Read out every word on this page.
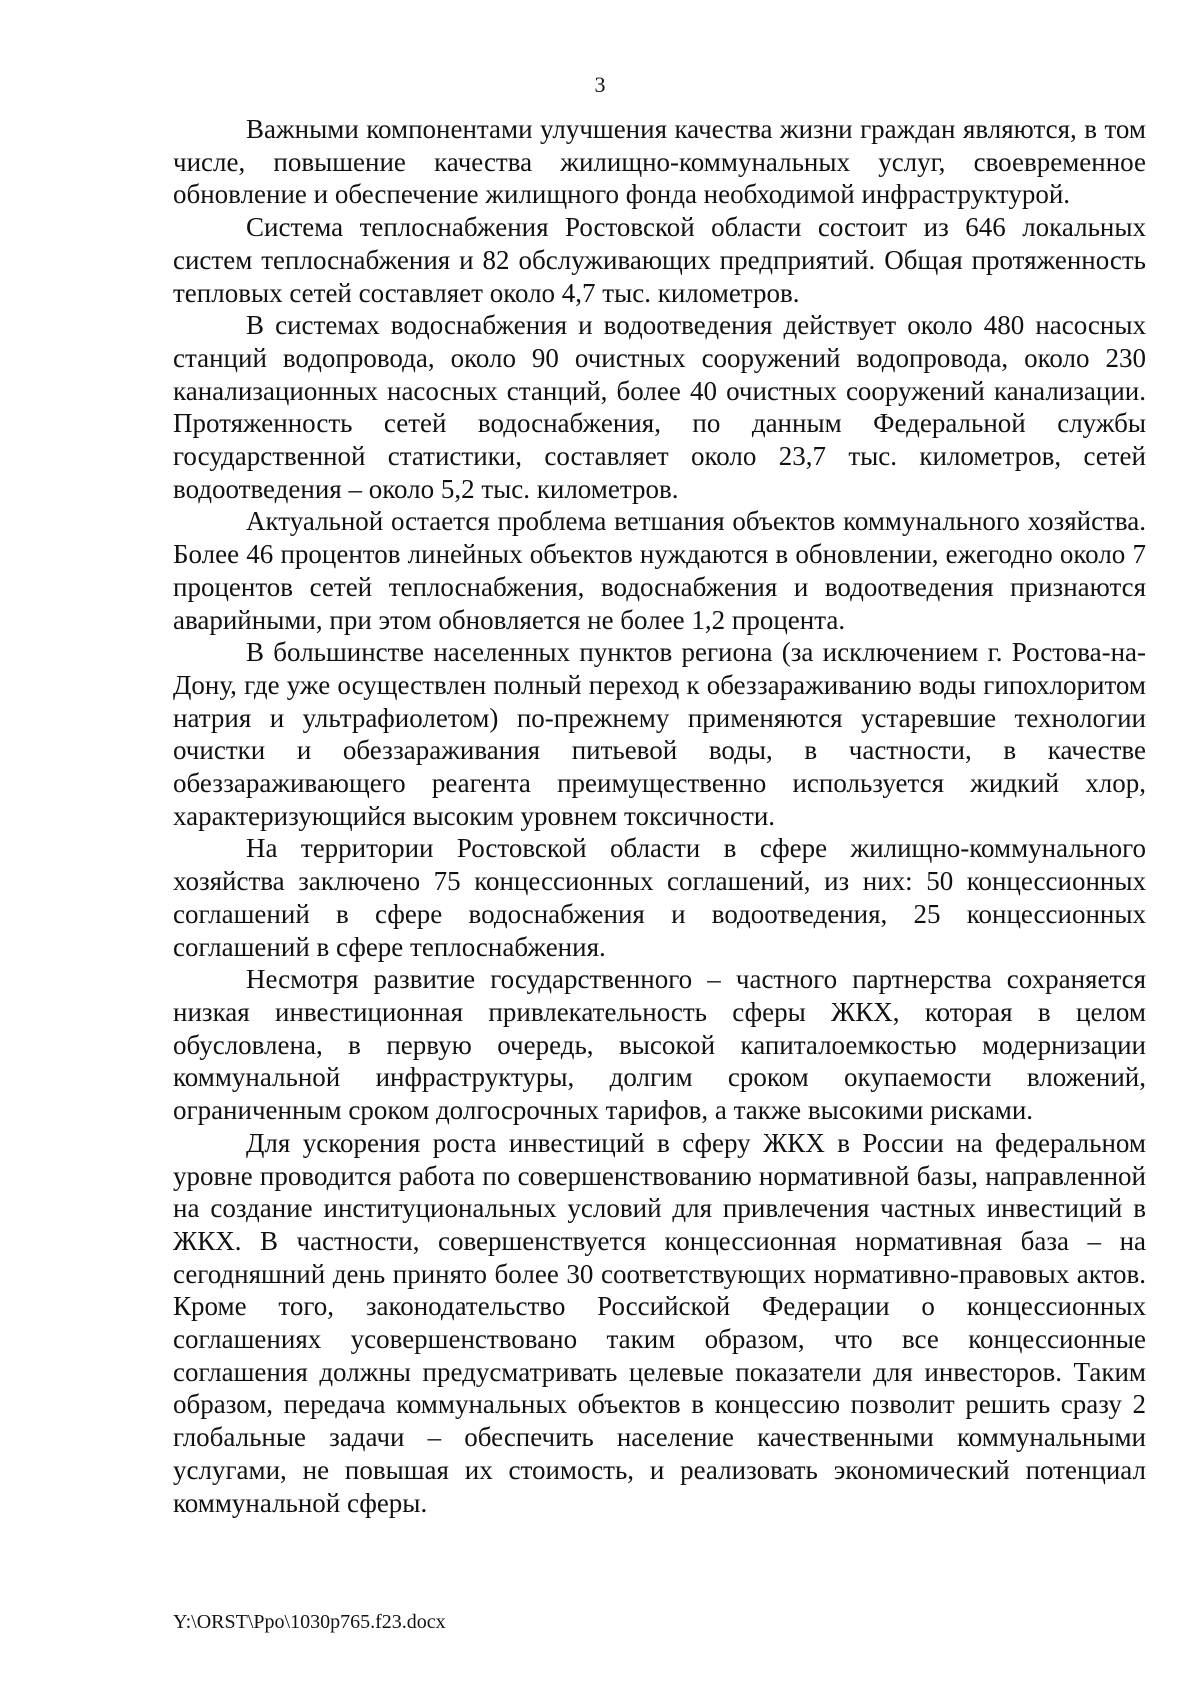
3

Важными компонентами улучшения качества жизни граждан являются, в том числе, повышение качества жилищно-коммунальных услуг, своевременное обновление и обеспечение жилищного фонда необходимой инфраструктурой.

Система теплоснабжения Ростовской области состоит из 646 локальных систем теплоснабжения и 82 обслуживающих предприятий. Общая протяженность тепловых сетей составляет около 4,7 тыс. километров.

В системах водоснабжения и водоотведения действует около 480 насосных станций водопровода, около 90 очистных сооружений водопровода, около 230 канализационных насосных станций, более 40 очистных сооружений канализации. Протяженность сетей водоснабжения, по данным Федеральной службы государственной статистики, составляет около 23,7 тыс. километров, сетей водоотведения – около 5,2 тыс. километров.

Актуальной остается проблема ветшания объектов коммунального хозяйства. Более 46 процентов линейных объектов нуждаются в обновлении, ежегодно около 7 процентов сетей теплоснабжения, водоснабжения и водоотведения признаются аварийными, при этом обновляется не более 1,2 процента.

В большинстве населенных пунктов региона (за исключением г. Ростова-на-Дону, где уже осуществлен полный переход к обеззараживанию воды гипохлоритом натрия и ультрафиолетом) по-прежнему применяются устаревшие технологии очистки и обеззараживания питьевой воды, в частности, в качестве обеззараживающего реагента преимущественно используется жидкий хлор, характеризующийся высоким уровнем токсичности.

На территории Ростовской области в сфере жилищно-коммунального хозяйства заключено 75 концессионных соглашений, из них: 50 концессионных соглашений в сфере водоснабжения и водоотведения, 25 концессионных соглашений в сфере теплоснабжения.

Несмотря развитие государственного – частного партнерства сохраняется низкая инвестиционная привлекательность сферы ЖКХ, которая в целом обусловлена, в первую очередь, высокой капиталоемкостью модернизации коммунальной инфраструктуры, долгим сроком окупаемости вложений, ограниченным сроком долгосрочных тарифов, а также высокими рисками.

Для ускорения роста инвестиций в сферу ЖКХ в России на федеральном уровне проводится работа по совершенствованию нормативной базы, направленной на создание институциональных условий для привлечения частных инвестиций в ЖКХ. В частности, совершенствуется концессионная нормативная база – на сегодняшний день принято более 30 соответствующих нормативно-правовых актов. Кроме того, законодательство Российской Федерации о концессионных соглашениях усовершенствовано таким образом, что все концессионные соглашения должны предусматривать целевые показатели для инвесторов. Таким образом, передача коммунальных объектов в концессию позволит решить сразу 2 глобальные задачи – обеспечить население качественными коммунальными услугами, не повышая их стоимость, и реализовать экономический потенциал коммунальной сферы.

Y:\ORST\Ppo\1030p765.f23.docx
